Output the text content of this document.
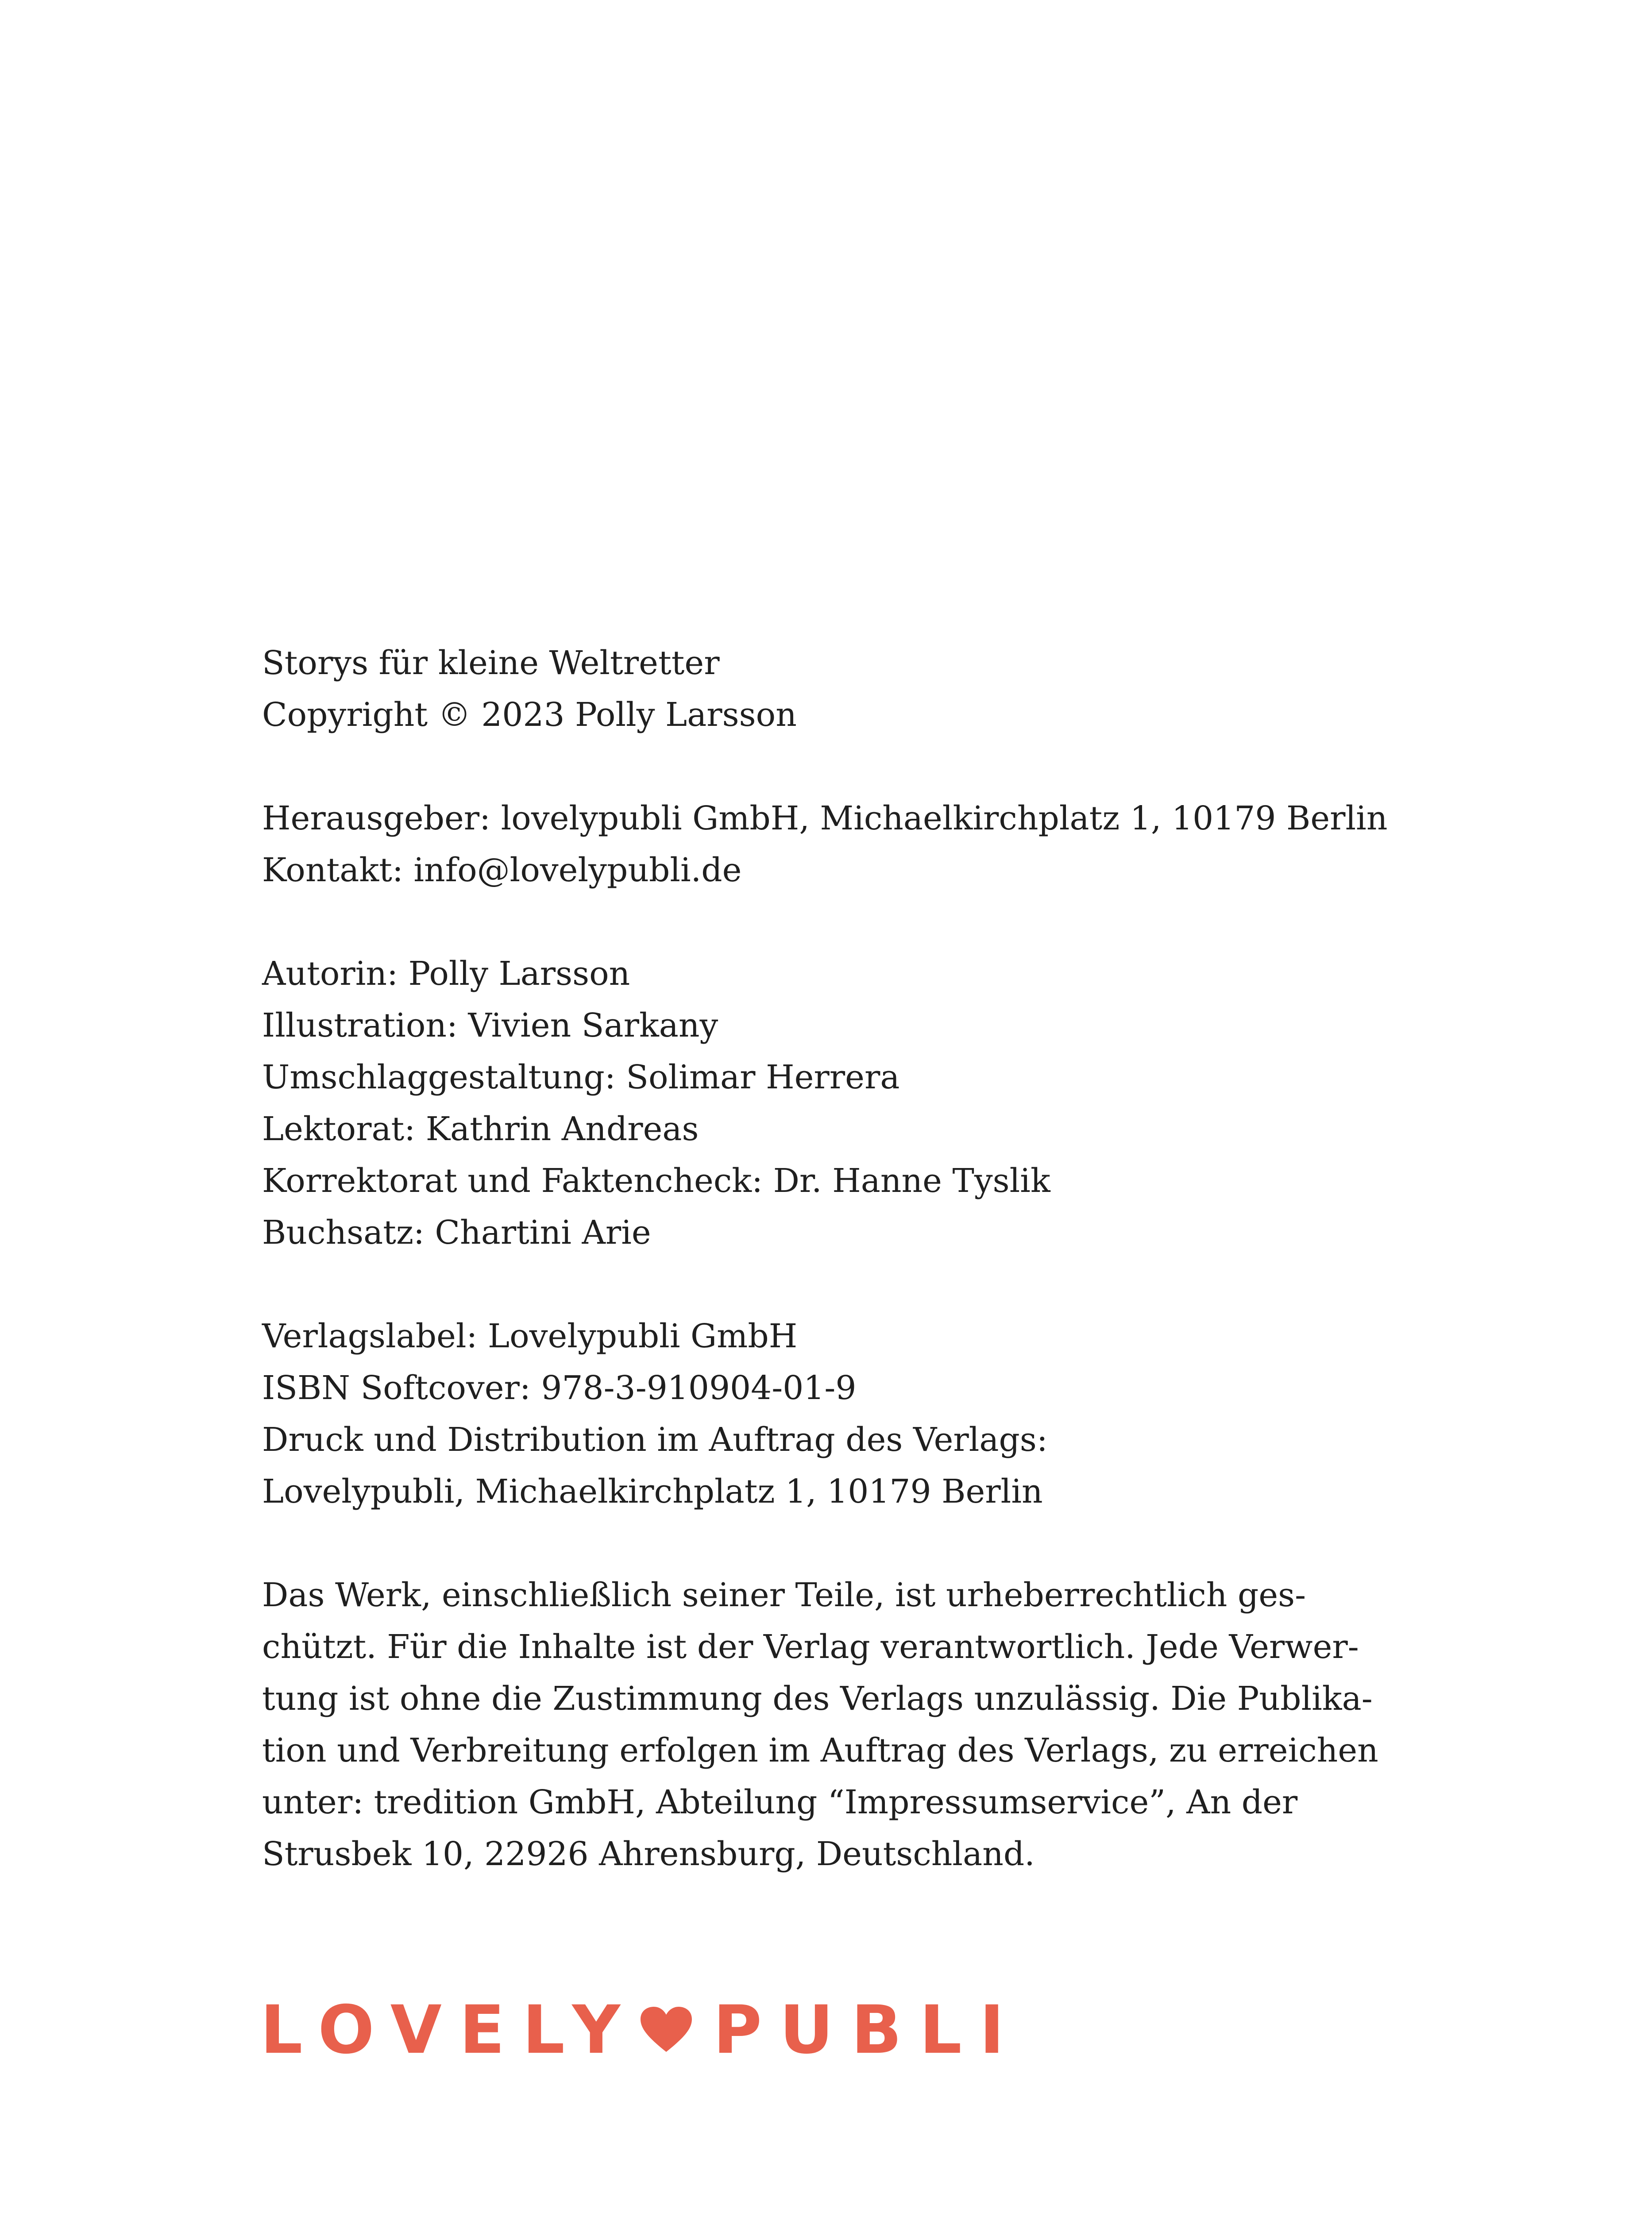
Storys für kleine Weltretter
Copyright © 2023 Polly Larsson
Herausgeber: lovelypubli GmbH, Michaelkirchplatz 1, 10179 Berlin
Kontakt: info@lovelypubli.de
Autorin: Polly Larsson
Illustration: Vivien Sarkany
Umschlaggestaltung: Solimar Herrera
Lektorat: Kathrin Andreas
Korrektorat und Faktencheck: Dr. Hanne Tyslik
Buchsatz: Chartini Arie
Verlagslabel: Lovelypubli GmbH
ISBN Softcover: 978-3-910904-01-9
Druck und Distribution im Auftrag des Verlags:
Lovelypubli, Michaelkirchplatz 1, 10179 Berlin
Das Werk, einschließlich seiner Teile, ist urheberrechtlich ges-
chützt. Für die Inhalte ist der Verlag verantwortlich. Jede Verwer-
tung ist ohne die Zustimmung des Verlags unzulässig. Die Publika-
tion und Verbreitung erfolgen im Auftrag des Verlags, zu erreichen
unter: tredition GmbH, Abteilung “Impressumservice”, An der
Strusbek 10, 22926 Ahrensburg, Deutschland.
LOVELY PUBLI
